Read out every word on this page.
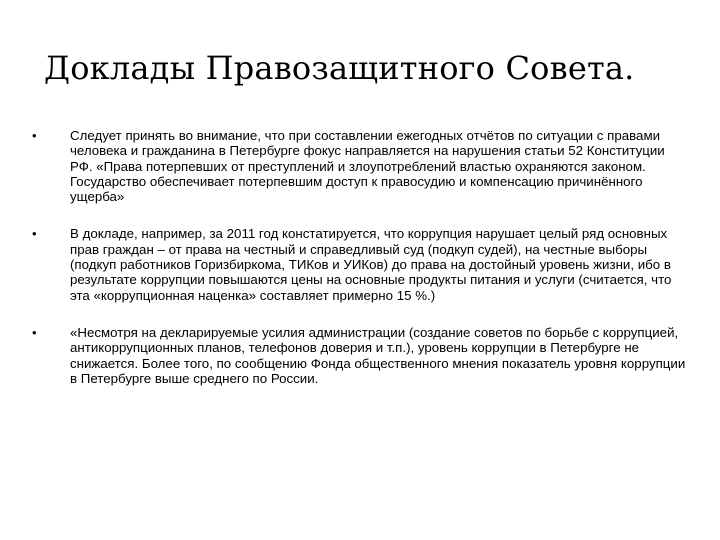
Доклады Правозащитного Совета.
•	Следует принять во внимание, что при составлении ежегодных отчётов по ситуации с правами человека и гражданина в Петербурге фокус направляется на нарушения статьи 52 Конституции РФ. «Права потерпевших от преступлений и злоупотреблений властью охраняются законом. Государство обеспечивает потерпевшим доступ к правосудию и компенсацию причинённого ущерба»
•	В докладе, например, за 2011 год констатируется, что коррупция нарушает целый ряд основных прав граждан – от права на честный и справедливый суд (подкуп судей), на честные выборы (подкуп работников Горизбиркома, ТИКов и УИКов) до права на достойный уровень жизни, ибо в результате коррупции повышаются цены на основные продукты питания и услуги (считается, что эта «коррупционная наценка» составляет примерно 15 %.)
•	«Несмотря на декларируемые усилия администрации (создание советов по борьбе с коррупцией, антикоррупционных планов, телефонов доверия и т.п.), уровень коррупции в Петербурге не снижается. Более того, по сообщению Фонда общественного мнения показатель уровня коррупции в Петербурге выше среднего по России.
